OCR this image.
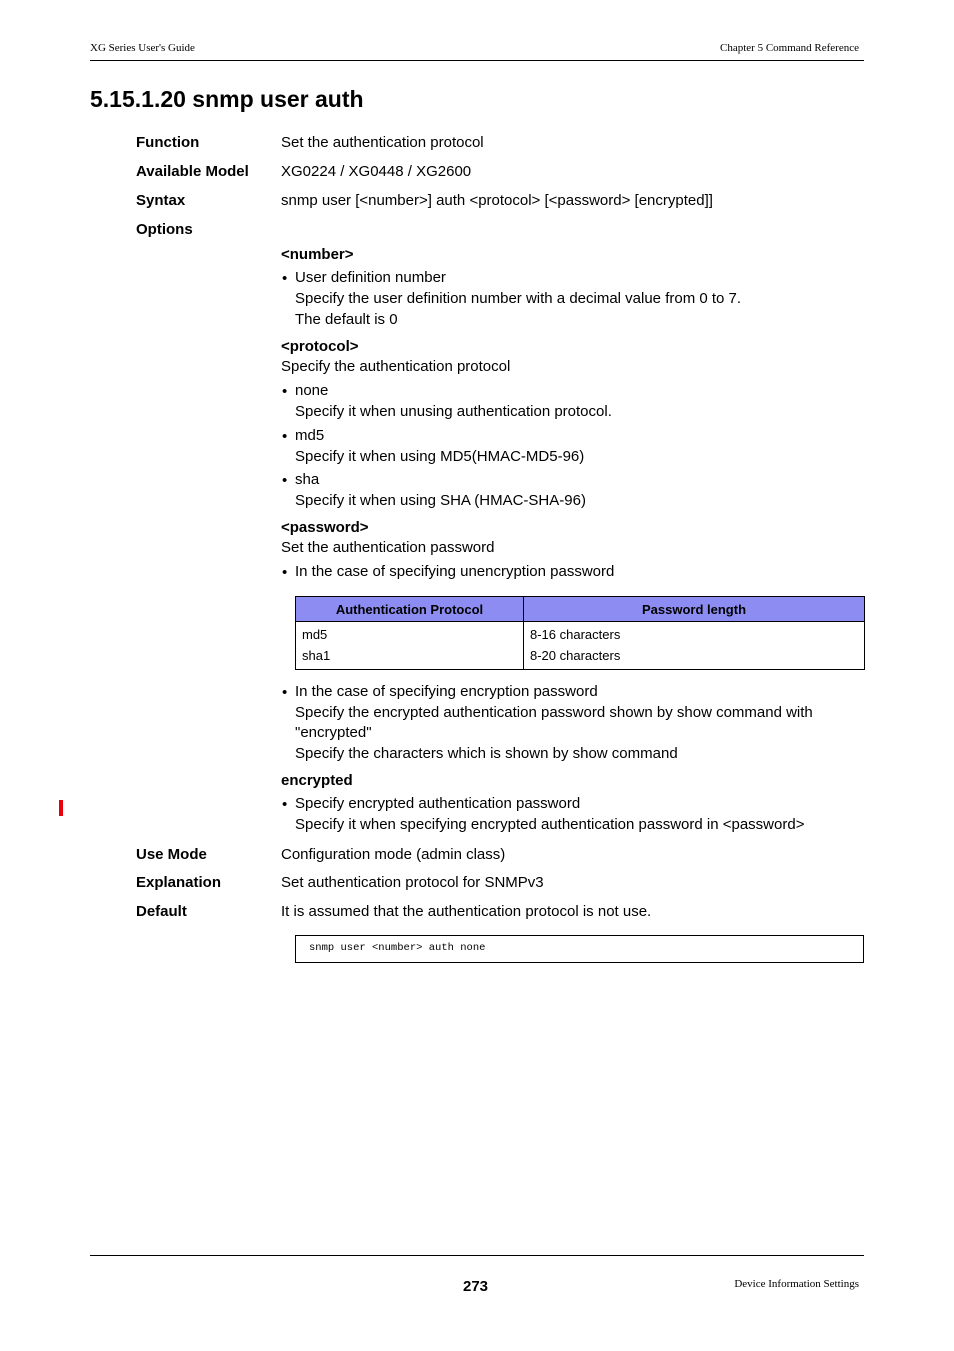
XG Series User's Guide	Chapter 5 Command Reference
5.15.1.20 snmp user auth
Function	Set the authentication protocol
Available Model XG0224 / XG0448 / XG2600
Syntax	snmp user [<number>] auth <protocol> [<password> [encrypted]]
Options
<number>
• User definition number
Specify the user definition number with a decimal value from 0 to 7.
The default is 0
<protocol>
Specify the authentication protocol
• none
Specify it when unusing authentication protocol.
• md5
Specify it when using MD5(HMAC-MD5-96)
• sha
Specify it when using SHA (HMAC-SHA-96)
<password>
Set the authentication password
• In the case of specifying unencryption password
Authentication Protocol	Password length
md5	8-16 characters
sha1	8-20 characters
• In the case of specifying encryption password
Specify the encrypted authentication password shown by show command with
"encrypted"
Specify the characters which is shown by show command
encrypted
• Specify encrypted authentication password
Specify it when specifying encrypted authentication password in <password>
Use Mode	Configuration mode (admin class)
Explanation	Set authentication protocol for SNMPv3
Default	It is assumed that the authentication protocol is not use.
snmp user <number> auth none
273	Device Information Settings
